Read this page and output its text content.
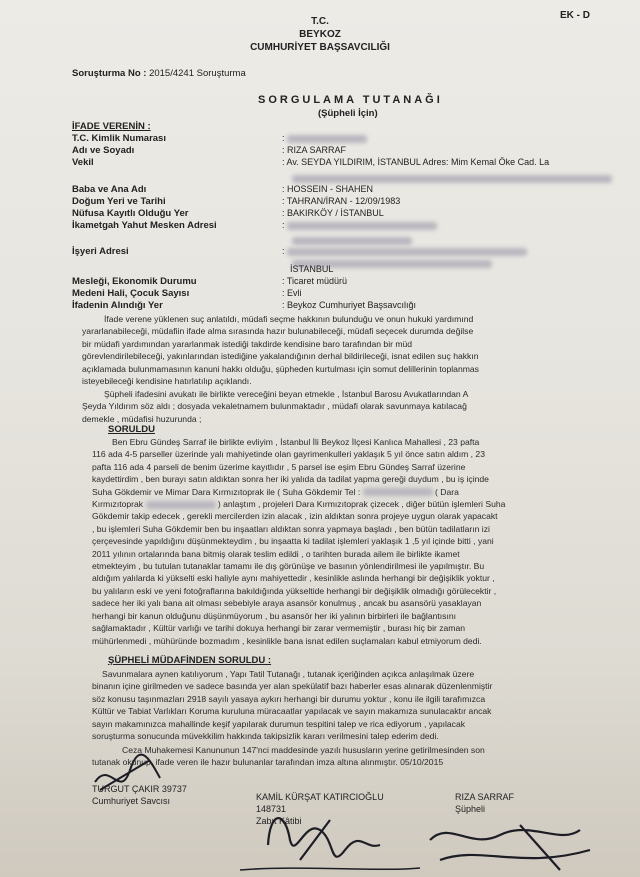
EK - D
T.C.
BEYKOZ
CUMHURİYET BAŞSAVCILIĞI
Soruşturma No : 2015/4241 Soruşturma
SORGULAMA TUTANAĞI
(Şüpheli İçin)
İFADE VERENİN :
T.C. Kimlik Numarası	:
Adı ve Soyadı	: RIZA SARRAF
Vekil	: Av. SEYDA YILDIRIM, İSTANBUL Adres: Mim Kemal Öke Cad. La
Baba ve Ana Adı	: HOSSEIN - SHAHEN
Doğum Yeri ve Tarihi	: TAHRAN/İRAN - 12/09/1983
Nüfusa Kayıtlı Olduğu Yer	: BAKIRKÖY / İSTANBUL
İkametgah Yahut Mesken Adresi	:
İşyeri Adresi	:
İSTANBUL
Mesleği, Ekonomik Durumu	: Ticaret müdürü
Medeni Hali, Çocuk Sayısı	: Evli
İfadenin Alındığı Yer	: Beykoz Cumhuriyet Başsavcılığı

İfade verene yüklenen suç anlatıldı, müdafi seçme hakkının bulunduğu ve onun hukuki yardımınd

yararlanabileceği, müdafiin ifade alma sırasında hazır bulunabileceği, müdafi seçecek durumda değilse

bir müdafi yardımından yararlanmak istediği takdirde kendisine baro tarafından bir müd

görevlendirilebileceği, yakınlarından istediğine yakalandığının derhal bildirileceği, isnat edilen suç hakkın

açıklamada bulunmamasının kanuni hakkı olduğu, şüpheden kurtulması için somut delillerinin toplanmas

isteyebileceği kendisine hatırlatılıp açıklandı.

Şüpheli ifadesini avukatı ile birlikte vereceğini beyan etmekle , İstanbul Barosu Avukatlarından A

Şeyda Yıldırım söz aldı ; dosyada vekaletnamem bulunmaktadır , müdafi olarak savunmaya katılacağ

demekle , müdafisi huzurunda ;

SORULDU

Ben Ebru Gündeş Sarraf ile birlikte evliyim , İstanbul İli Beykoz İlçesi Kanlıca Mahallesi , 23 pafta

116 ada 4-5 parseller üzerinde yalı mahiyetinde olan gayrimenkulleri yaklaşık 5 yıl önce satın aldım , 23

pafta 116 ada 4 parseli de benim üzerime kayıtlıdır , 5 parsel ise eşim Ebru Gündeş Sarraf üzerine

kaydettirdim , ben burayı satın aldıktan sonra her iki yalıda da tadilat yapma gereği duydum , bu iş içinde

Suha Gökdemir ve Mimar Dara Kırmızıtoprak ile ( Suha Gökdemir Tel :	( Dara

Kırmızıtoprak	) anlaştım , projeleri Dara Kırmızıtoprak çizecek , diğer bütün işlemleri Suha

Gökdemir takip edecek , gerekli mercilerden izin alacak , izin aldıktan sonra projeye uygun olarak yapacakt

, bu işlemleri Suha Gökdemir ben bu inşaatları aldıktan sonra yapmaya başladı , ben bütün tadilatların izi

çerçevesinde yapıldığını düşünmekteydim , bu inşaatta ki tadilat işlemleri yaklaşık 1 ,5 yıl içinde bitti , yani

2011 yılının ortalarında bana bitmiş olarak teslim edildi , o tarihten burada ailem ile birlikte ikamet

etmekteyim , bu tutulan tutanaklar tamamı ile dış görünüşe ve basının yönlendirilmesi ile yapılmıştır. Bu

aldığım yalılarda ki yükselti eski haliyle aynı mahiyettedir , kesinlikle aslında herhangi bir değişiklik yoktur ,

bu yalıların eski ve yeni fotoğraflarına bakıldığında yükseltide herhangi bir değişiklik olmadığı görülecektir ,

sadece her iki yalı bana ait olması sebebiyle araya asansör konulmuş , ancak bu asansörü yasaklayan

herhangi bir kanun olduğunu düşünmüyorum , bu asansör her iki yalının birbirleri ile bağlantısını

sağlamaktadır , Kültür varlığı ve tarihi dokuya herhangi bir zarar vermemiştir , burası hiç bir zaman

mühürlenmedi , mühüründe bozmadım , kesinlikle bana isnat edilen suçlamaları kabul etmiyorum dedi.

ŞÜPHELİ MÜDAFİNDEN SORULDU :

Savunmalara aynen katılıyorum , Yapı Tatil Tutanağı , tutanak içeriğinden açıkca anlaşılmak üzere

binanın içine girilmeden ve sadece basında yer alan spekülatif bazı haberler esas alınarak düzenlenmiştir

söz konusu taşınmazları 2918 sayılı yasaya aykırı herhangi bir durumu yoktur , konu ile ilgili tarafımızca

Kültür ve Tabiat Varlıkları Koruma kuruluna müracaatlar yapılacak ve sayın makamıza sunulacaktır ancak

sayın makamınızca mahallinde keşif yapılarak durumun tespitini talep ve rica ediyorum , yapılacak

soruşturma sonucunda müvekkilim hakkında takipsizlik kararı verilmesini talep ederim dedi.

Ceza Muhakemesi Kanununun 147'nci maddesinde yazılı hususların yerine getirilmesinden son

tutanak okunup, ifade veren ile hazır bulunanlar tarafından imza altına alınmıştır. 05/10/2015

TURGUT ÇAKIR 39737
Cumhuriyet Savcısı	KAMİL KÜRŞAT KATIRCIOĞLU
148731
Zabıt Kâtibi
RIZA SARRAF
Şüpheli
